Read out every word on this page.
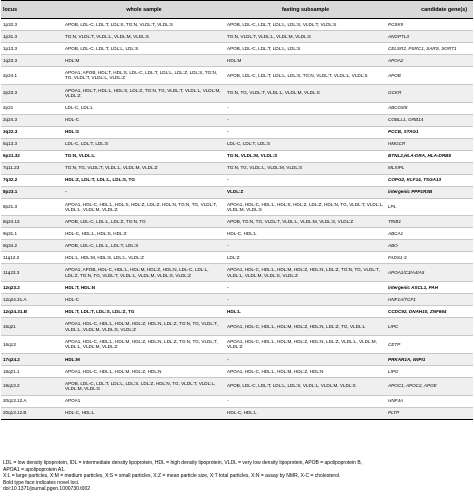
locus	whole sample	fasting subsample	candidate gene(s)
1p32.3	APOB, LDL-C, LDL:T, LDL:S, TG:N, VLDL:T, VLDL:S	APOB, LDL-C, LDL:T, LDL:L, LDL:S, VLDL:T, VLDL:S	PCSK9
1p31.3	TG:N, VLDL:T, VLDL:L, VLDL:M, VLDL:S	TG:N, VLDL:T, VLDL:L, VLDL:M, VLDL:S	ANGPTL3
1p13.3	APOB, LDL-C, LDL:T, LDL:L, LDL:S	APOB, LDL-C, LDL:T, LDL:L, LDL:S	CELSR2, PSRC1, SARS, SORT1
1q23.3	HDL:M	HDL:M	APOA2
2p24.1	APOA1, APOB, HDL:T, HDL:S, LDL-C, LDL:T, LDL:L, LDL:Z, LDL:S, TG:N, TG, VLDL:T, VLDL:L, VLDL:Z	APOB, LDL-C, LDL:T, LDL:L, LDL:S, TG:N, VLDL:T, VLDL:L, VLDL:S	APOB
2p23.3	APOA1, HDL:T, HDL:L, HDL:S, LDL:Z, TG:N, TG, VLDL:T, VLDL:L, VLDL:M, VLDL:Z	TG:N, TG, VLDL:T, VLDL:L, VLDL:M, VLDL:S	GCKR
2p21	LDL-C, LDL:L	-	ABCG5/8
2q24.3	HDL-C	-	COBLL1, GRB14
3q22.3	HDL:S	-	PCCB, STAG1
5q13.3	LDL-C, LDL:T, LDL:S	LDL-C, LDL:T, LDL:S	HMGCR
6p21.32	TG:N, VLDL:L	TG:N, VLDL:M, VLDL:S	BTNL2,HLA-DRA, HLA-DRB5
7q11.23	TG:N, TG, VLDL:T, VLDL:L, VLDL:M, VLDL:Z	TG:N, TG, VLDL:L, VLDL:M, VLDL:S	MLXIPL
7q32.2	HDL:Z, LDL:T, LDL:L, LDL:S, TG	-	COPG2, KLF14, TSGA13
8p23.1	-	VLDL:Z	intergenic PPP1R3B
8p21.3	APOA1, HDL-C, HDL:L, HDL:S, HDL:Z, LDL:Z, HDL:N, TG:N, TG, VLDL:T, VLDL:L, VLDL:M, VLDL:Z	APOA1, HDL-C, HDL:L, HDL:S, HDL:Z, LDL:Z, HDL:N, TG, VLDL:T, VLDL:L, VLDL:M, VLDL:S	LPL
8q24.13	APOB, LDL-C, LDL:L, LDL:Z, TG:N, TG	APOB, TG:N, TG, VLDL:T, VLDL:L, VLDL:M, VLDL:S, VLDL:Z	TRIB1
9q31.1	HDL-C, HDL:L, HDL:S, HDL:Z	HDL-C, HDL:L	ABCA1
9q34.2	APOB, LDL-C, LDL:L, LDL:T, LDL:S	-	ABO
11q12.2	HDL:L, HDL:M, HDL:S, LDL:L, VLDL:Z	LDL:Z	FADS1-3
11q23.3	APOA1, APOB, HDL-C, HDL:L, HDL:M, HDL:Z, HDL:N, LDL-C, LDL:L, LDL:Z, TG:N, TG, VLDL:T, VLDL:L, VLDL:M, VLDL:S, VLDL:Z	APOA1, HDL-C, HDL:L, HDL:M, HDL:Z, HDL:N, LDL:Z, TG:N, TG, VLDL:T, VLDL:L, VLDL:M, VLDL:S, VLDL:Z	APOA1/C3/A4/A5
12q23.2	HDL:T, HDL:N	-	intergenic ASCL1, PAH
12q24.31.A	HDL-C	-	HNF1A/TCF1
12q24.31.B	HDL:T, LDL:T, LDL:S, LDL:Z, TG	HDL:L	CCDC92, DNAH10, ZNF664
15q21	APOA1, HDL-C, HDL:L, HDL:M, HDL:Z, HDL:N, LDL:Z, TG:N, TG, VLDL:T, VLDL:L, VLDL:M, VLDL:S, VLDL:Z	APOA1, HDL-C, HDL:L, HDL:M, HDL:Z, HDL:N, LDL:Z, TG, VLDL:L	LIPC
16q13	APOA1, HDL-C, HDL:L, HDL:M, HDL:Z, HDL:N, LDL:Z, TG:N, TG, VLDL:T, VLDL:L, VLDL:M, VLDL:Z	APOA1, HDL-C, HDL:L, HDL:M, HDL:Z, HDL:N, LDL:Z, VLDL:L, VLDL:M, VLDL:Z	CETP
17q24.2	HDL:M	-	PRKAR1A, WIPI1
18q21.1	APOA1, HDL-C, HDL:L, HDL:M, HDL:Z, HDL:N	APOA1, HDL-C, HDL:L, HDL:M, HDL:Z, HDL:N	LIPG
19q13.2	APOB, LDL-C, LDL:T, LDL:L, LDL:S, LDL:Z, HDL:N, TG, VLDL:T, VLDL:L, VLDL:M, VLDL:S	APOB, LDL-C, LDL:T, LDL:L, LDL:S, VLDL:L, VLDL:M, VLDL:S	APOC1, APOC2, APOE
20q13.12.A	APOA1	-	HNF4A
20q13.12.B	HDL-C, HDL:L	HDL-C, HDL:L	PLTP
LDL = low density lipoprotein, IDL = intermediate density lipoprotein, HDL = high density lipoprotein, VLDL = very low density lipoprotein, APOB = apolipoprotein B,
APOA1 = apolipoprotein A1.
X:L = large particles, X:M = medium particles, X:S = small particles, X:Z = mean particle size, X:T total particles, X:N = assay by NMR, X-C = cholesterol.
Bold type face indicates novel loci.
doi:10.1371/journal.pgen.1000730.t002
